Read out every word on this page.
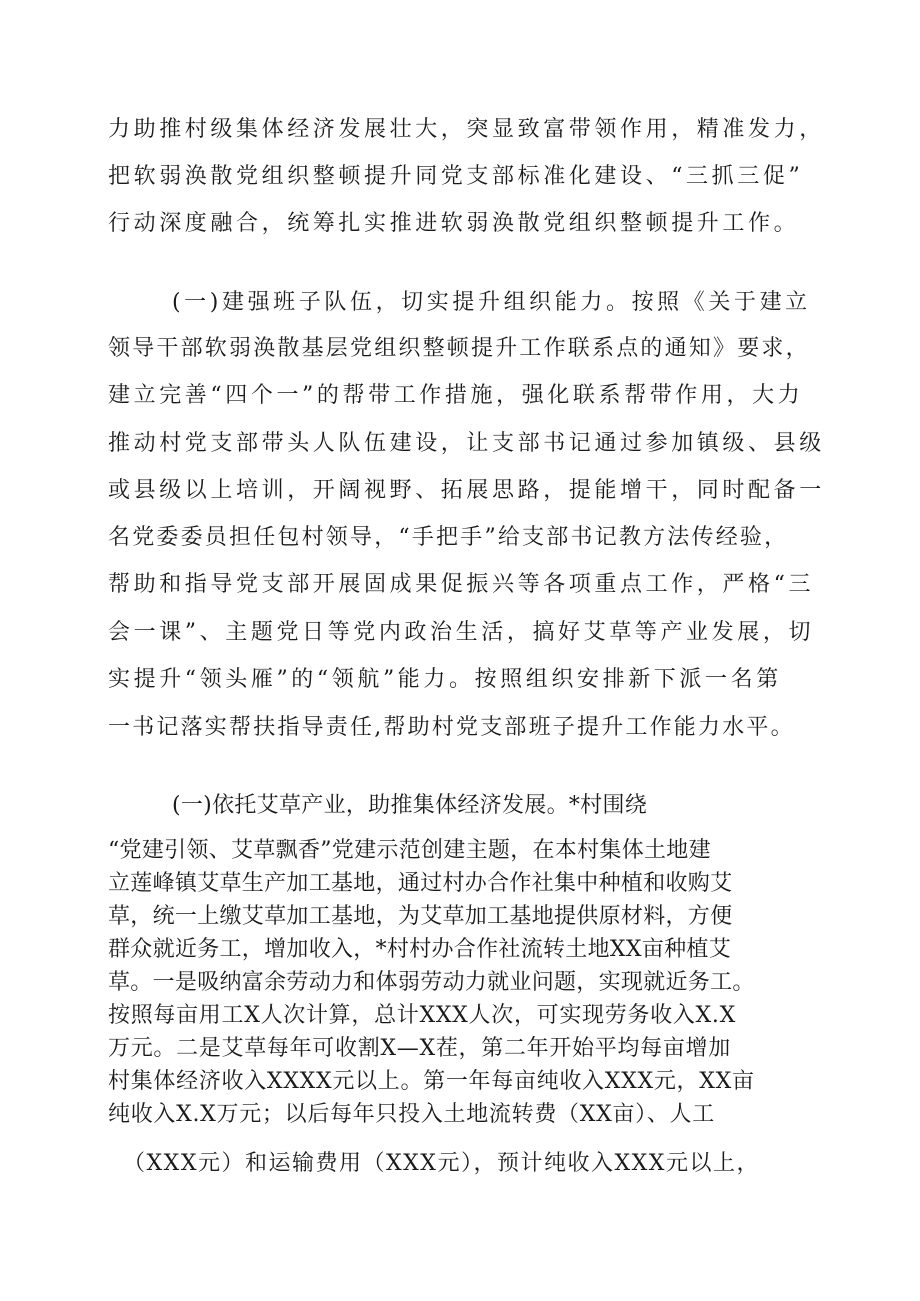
力助推村级集体经济发展壮大，突显致富带领作用，精准发力，

把软弱涣散党组织整顿提升同党支部标准化建设、“三抓三促”

行动深度融合，统筹扎实推进软弱涣散党组织整顿提升工作。

(一)建强班子队伍，切实提升组织能力。按照《关于建立

领导干部软弱涣散基层党组织整顿提升工作联系点的通知》要求，

建立完善“四个一”的帮带工作措施，强化联系帮带作用，大力

推动村党支部带头人队伍建设，让支部书记通过参加镇级、县级

或县级以上培训，开阔视野、拓展思路，提能增干，同时配备一

名党委委员担任包村领导，“手把手”给支部书记教方法传经验，

帮助和指导党支部开展固成果促振兴等各项重点工作，严格“三

会一课”、主题党日等党内政治生活，搞好艾草等产业发展，切

实提升“领头雁”的“领航”能力。按照组织安排新下派一名第

一书记落实帮扶指导责任,帮助村党支部班子提升工作能力水平。

(一)依托艾草产业，助推集体经济发展。*村围绕

“党建引领、艾草飘香”党建示范创建主题，在本村集体土地建

立莲峰镇艾草生产加工基地，通过村办合作社集中种植和收购艾

草，统一上缴艾草加工基地，为艾草加工基地提供原材料，方便

群众就近务工，增加收入，*村村办合作社流转土地XX亩种植艾

草。一是吸纳富余劳动力和体弱劳动力就业问题，实现就近务工。

按照每亩用工X人次计算，总计XXX人次，可实现劳务收入X.X

万元。二是艾草每年可收割X—X茬，第二年开始平均每亩增加

村集体经济收入XXXX元以上。第一年每亩纯收入XXX元，XX亩

纯收入X.X万元；以后每年只投入土地流转费（XX亩）、人工

（XXX元）和运输费用（XXX元），预计纯收入XXX元以上，
